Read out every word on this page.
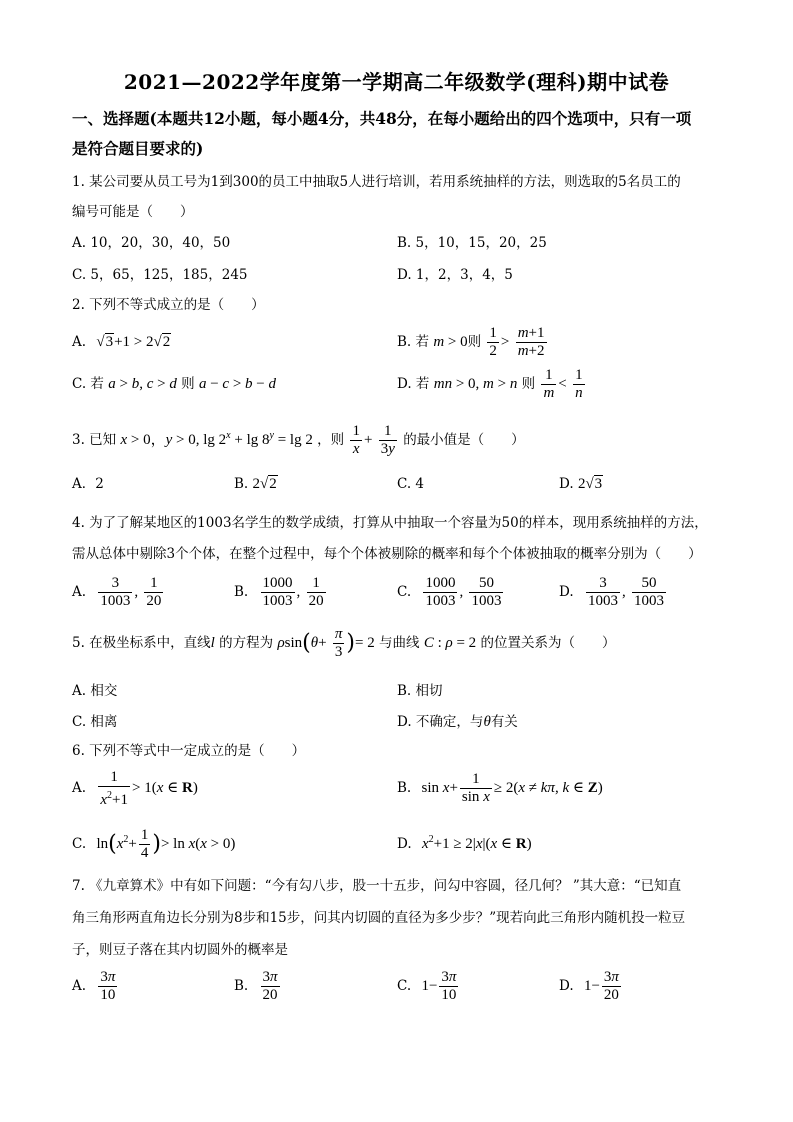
2021—2022学年度第一学期高二年级数学(理科)期中试卷
一、选择题(本题共12小题，每小题4分，共48分，在每小题给出的四个选项中，只有一项
是符合题目要求的)
1. 某公司要从员工号为1到300的员工中抽取5人进行培训，若用系统抽样的方法，则选取的5名员工的
编号可能是（　　）
A. 10，20，30，40，50	B. 5，10，15，20，25
C. 5，65，125，185，245	D. 1，2，3，4，5
2. 下列不等式成立的是（　　）
A. √3+1 > 2√2	B. 若 m > 0则 $\frac{1}{2} > \frac{m+1}{m+2}$
C. 若 a > b, c > d 则 a − c > b − d	D. 若 mn > 0, m > n 则 $\frac{1}{m} < \frac{1}{n}$
3. 已知 x > 0，y > 0, $\lg 2^x + \lg 8^y = \lg 2$ ，则 $\frac{1}{x} + \frac{1}{3y}$ 的最小值是（　　）
A．2	B. 2√2	C. 4	D. 2√3
4. 为了了解某地区的1003名学生的数学成绩，打算从中抽取一个容量为50的样本，现用系统抽样的方法，
需从总体中剔除3个个体，在整个过程中，每个个体被剔除的概率和每个个体被抽取的概率分别为（　　）
A. $\frac{3}{1003}$ , $\frac{1}{20}$	B. $\frac{1000}{1003}$ , $\frac{1}{20}$	C. $\frac{1000}{1003}$ , $\frac{50}{1003}$	D. $\frac{3}{1003}$ , $\frac{50}{1003}$
5. 在极坐标系中，直线l 的方程为 $\rho\sin(\theta+ \frac{\pi}{3}$ )= 2 与曲线 C : ρ = 2 的位置关系为（　　）
A. 相交	B. 相切
C. 相离	D. 不确定，与θ有关
6. 下列不等式中一定成立的是（　　）
A. $\frac{1}{x^2+1} > 1(x$ ∈ R)	B. $\sin x+ \frac{1}{\text{sin x}} \ge 2(x \ne k\pi$, k ∈ Z)
C. $\ln(x^2+ \frac{1}{4}$ )> ln x(x > 0)	D. $x^2+1 \ge 2|x|(x$ ∈ R)
7. 《九章算术》中有如下问题：“今有勾八步，股一十五步，问勾中容圆，径几何？ ”其大意：“已知直
角三角形两直角边长分别为8步和15步，问其内切圆的直径为多少步？”现若向此三角形内随机投一粒豆
子，则豆子落在其内切圆外的概率是
A. $\frac{3\pi}{10}$	B. $\frac{3\pi}{20}$	C. $1- \frac{3\pi}{10}$	D. $1- \frac{3\pi}{20}$
